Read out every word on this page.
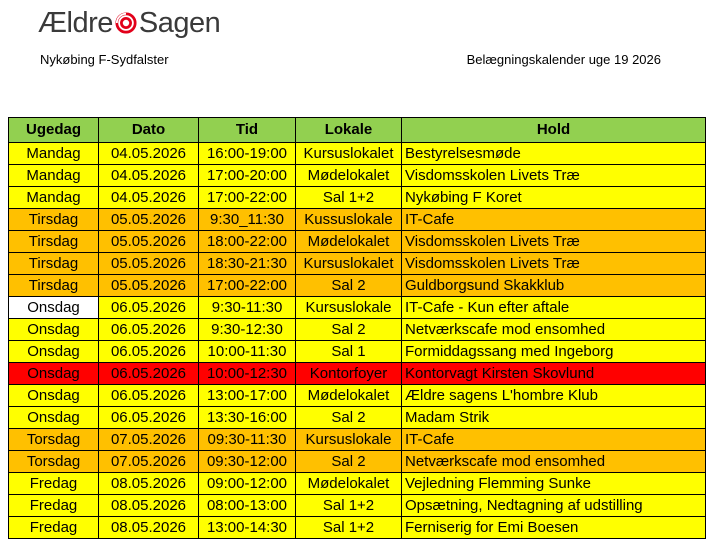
Ældre Sagen
Nykøbing F-Sydfalster	Belægningskalender uge 19 2026
Ugedag	Dato	Tid	Lokale	Hold
Mandag	04.05.2026	16:00-19:00	Kursuslokalet	Bestyrelsesmøde
Mandag	04.05.2026	17:00-20:00	Mødelokalet	Visdomsskolen Livets Træ
Mandag	04.05.2026	17:00-22:00	Sal 1+2	Nykøbing F Koret
Tirsdag	05.05.2026	9:30_11:30	Kussuslokale	IT-Cafe
Tirsdag	05.05.2026	18:00-22:00	Mødelokalet	Visdomsskolen Livets Træ
Tirsdag	05.05.2026	18:30-21:30	Kursuslokalet	Visdomsskolen Livets Træ
Tirsdag	05.05.2026	17:00-22:00	Sal 2	Guldborgsund Skakklub
Onsdag	06.05.2026	9:30-11:30	Kursuslokale	IT-Cafe - Kun efter aftale
Onsdag	06.05.2026	9:30-12:30	Sal 2	Netværkscafe mod ensomhed
Onsdag	06.05.2026	10:00-11:30	Sal 1	Formiddagssang med Ingeborg
Onsdag	06.05.2026	10:00-12:30	Kontorfoyer	Kontorvagt Kirsten Skovlund
Onsdag	06.05.2026	13:00-17:00	Mødelokalet	Ældre sagens L'hombre Klub
Onsdag	06.05.2026	13:30-16:00	Sal 2	Madam Strik
Torsdag	07.05.2026	09:30-11:30	Kursuslokale	IT-Cafe
Torsdag	07.05.2026	09:30-12:00	Sal 2	Netværkscafe mod ensomhed
Fredag	08.05.2026	09:00-12:00	Mødelokalet	Vejledning Flemming Sunke
Fredag	08.05.2026	08:00-13:00	Sal 1+2	Opsætning, Nedtagning af udstilling
Fredag	08.05.2026	13:00-14:30	Sal 1+2	Ferniserig for Emi Boesen
